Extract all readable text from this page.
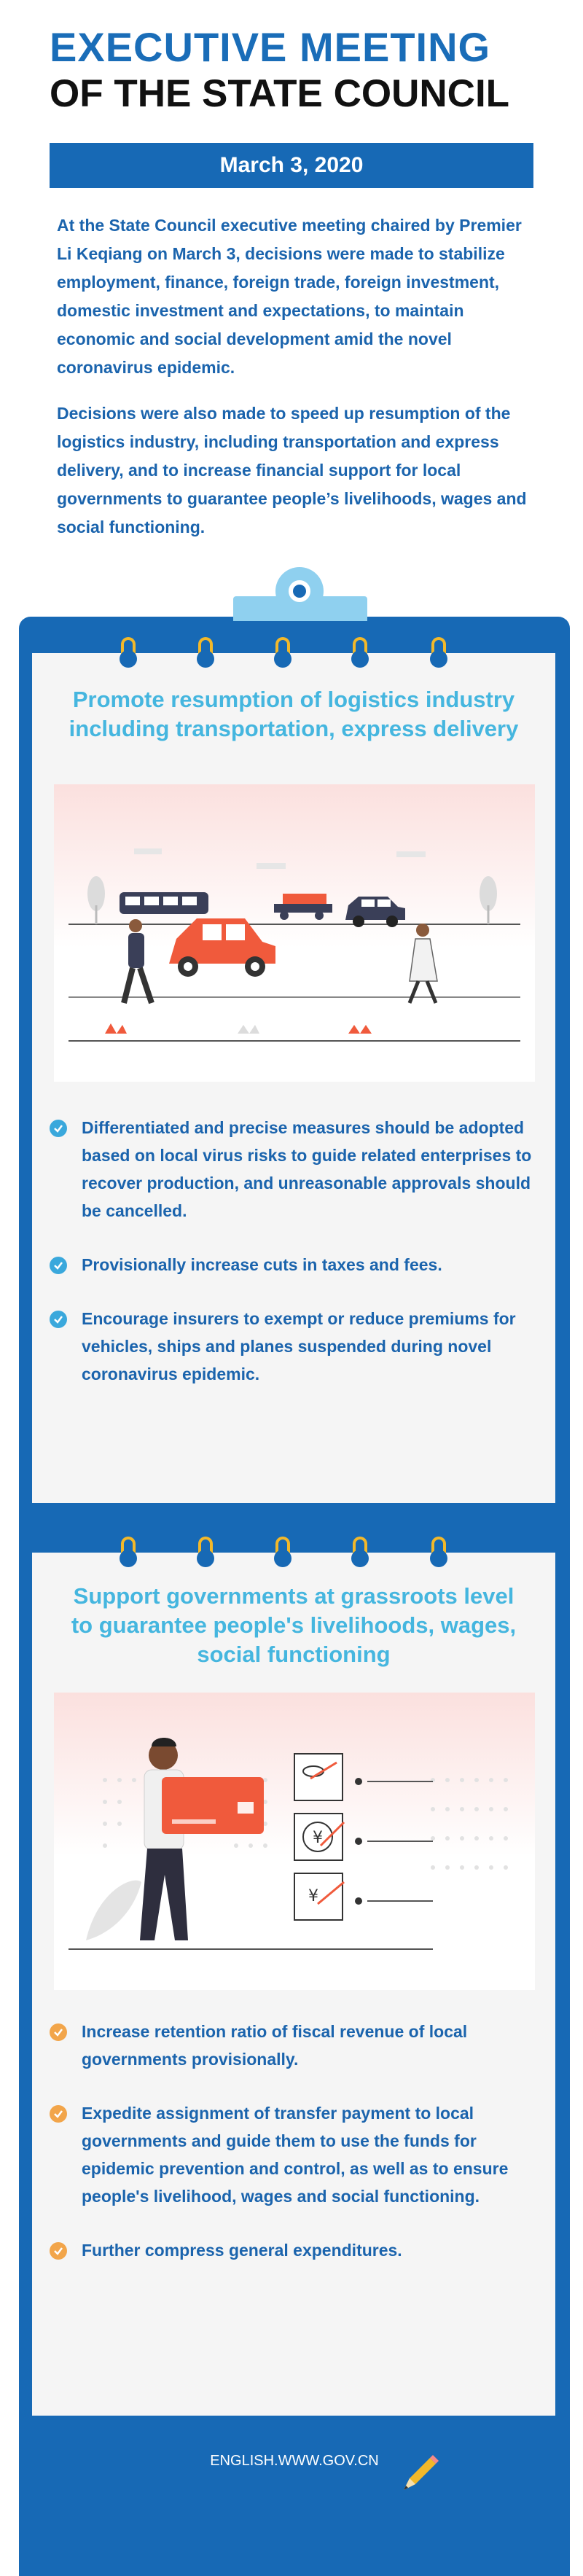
EXECUTIVE MEETING
OF THE STATE COUNCIL
March 3, 2020

At the State Council executive meeting chaired by Premier Li Keqiang on March 3, decisions were made to stabilize employment, finance, foreign trade, foreign investment, domestic investment and expectations, to maintain economic and social development amid the novel coronavirus epidemic.

Decisions were also made to speed up resumption of the logistics industry, including transportation and express delivery, and to increase financial support for local governments to guarantee people’s livelihoods, wages and social functioning.

Promote resumption of logistics industry including transportation, express delivery
Differentiated and precise measures should be adopted based on local virus risks to guide related enterprises to recover production, and unreasonable approvals should be cancelled.
Provisionally increase cuts in taxes and fees.
Encourage insurers to exempt or reduce premiums for vehicles, ships and planes suspended during novel coronavirus epidemic.
Support governments at grassroots level to guarantee people's livelihoods, wages, social functioning
¥
¥
Increase retention ratio of fiscal revenue of local governments provisionally.
Expedite assignment of transfer payment to local governments and guide them to use the funds for epidemic prevention and control, as well as to ensure people's livelihood, wages and social functioning.
Further compress general expenditures.
ENGLISH.WWW.GOV.CN
